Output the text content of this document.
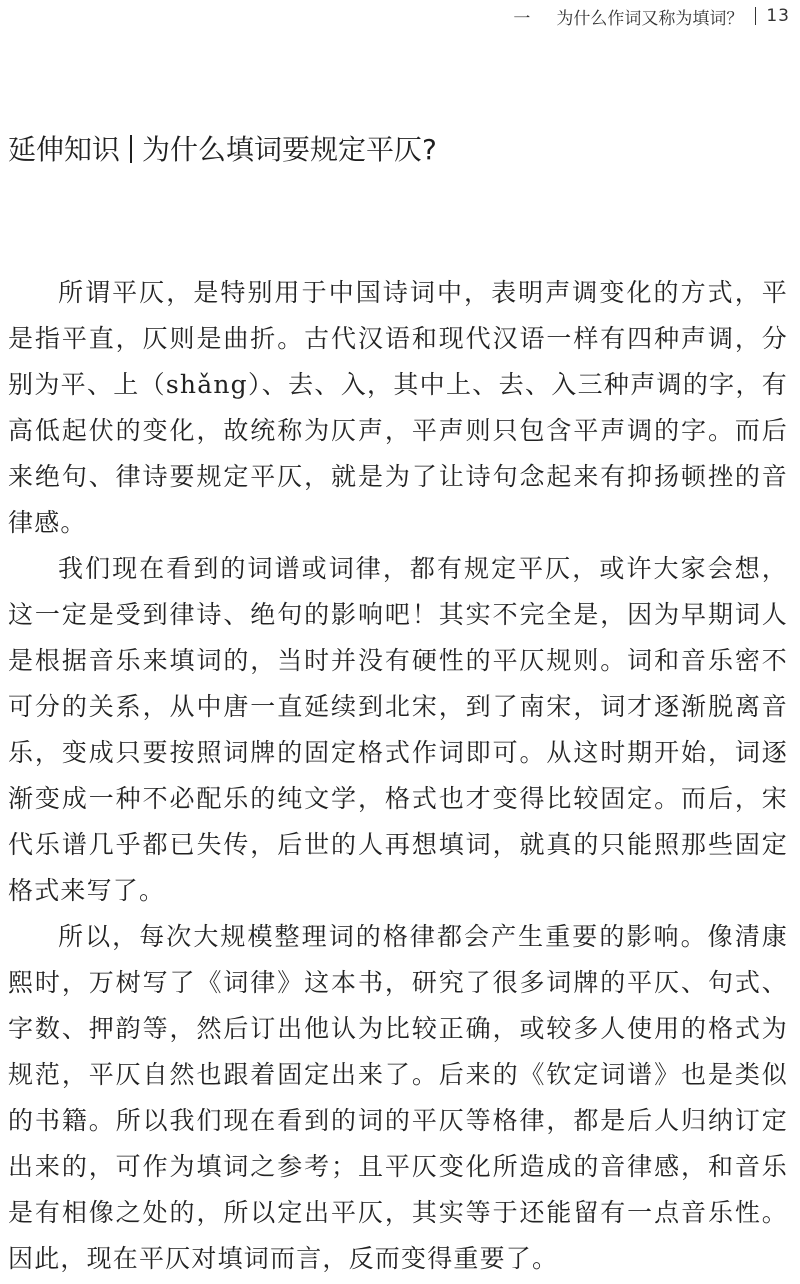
一 为什么作词又称为填词？ 13
延伸知识 为什么填词要规定平仄?

所谓平仄，是特别用于中国诗词中，表明声调变化的方式，平是指平直，仄则是曲折。古代汉语和现代汉语一样有四种声调，分别为平、上（shǎng）、去、入，其中上、去、入三种声调的字，有高低起伏的变化，故统称为仄声，平声则只包含平声调的字。而后来绝句、律诗要规定平仄，就是为了让诗句念起来有抑扬顿挫的音律感。

我们现在看到的词谱或词律，都有规定平仄，或许大家会想，这一定是受到律诗、绝句的影响吧！其实不完全是，因为早期词人是根据音乐来填词的，当时并没有硬性的平仄规则。词和音乐密不可分的关系，从中唐一直延续到北宋，到了南宋，词才逐渐脱离音乐，变成只要按照词牌的固定格式作词即可。从这时期开始，词逐渐变成一种不必配乐的纯文学，格式也才变得比较固定。而后，宋代乐谱几乎都已失传，后世的人再想填词，就真的只能照那些固定格式来写了。

所以，每次大规模整理词的格律都会产生重要的影响。像清康熙时，万树写了《词律》这本书，研究了很多词牌的平仄、句式、字数、押韵等，然后订出他认为比较正确，或较多人使用的格式为规范，平仄自然也跟着固定出来了。后来的《钦定词谱》也是类似的书籍。所以我们现在看到的词的平仄等格律，都是后人归纳订定出来的，可作为填词之参考；且平仄变化所造成的音律感，和音乐是有相像之处的，所以定出平仄，其实等于还能留有一点音乐性。因此，现在平仄对填词而言，反而变得重要了。
